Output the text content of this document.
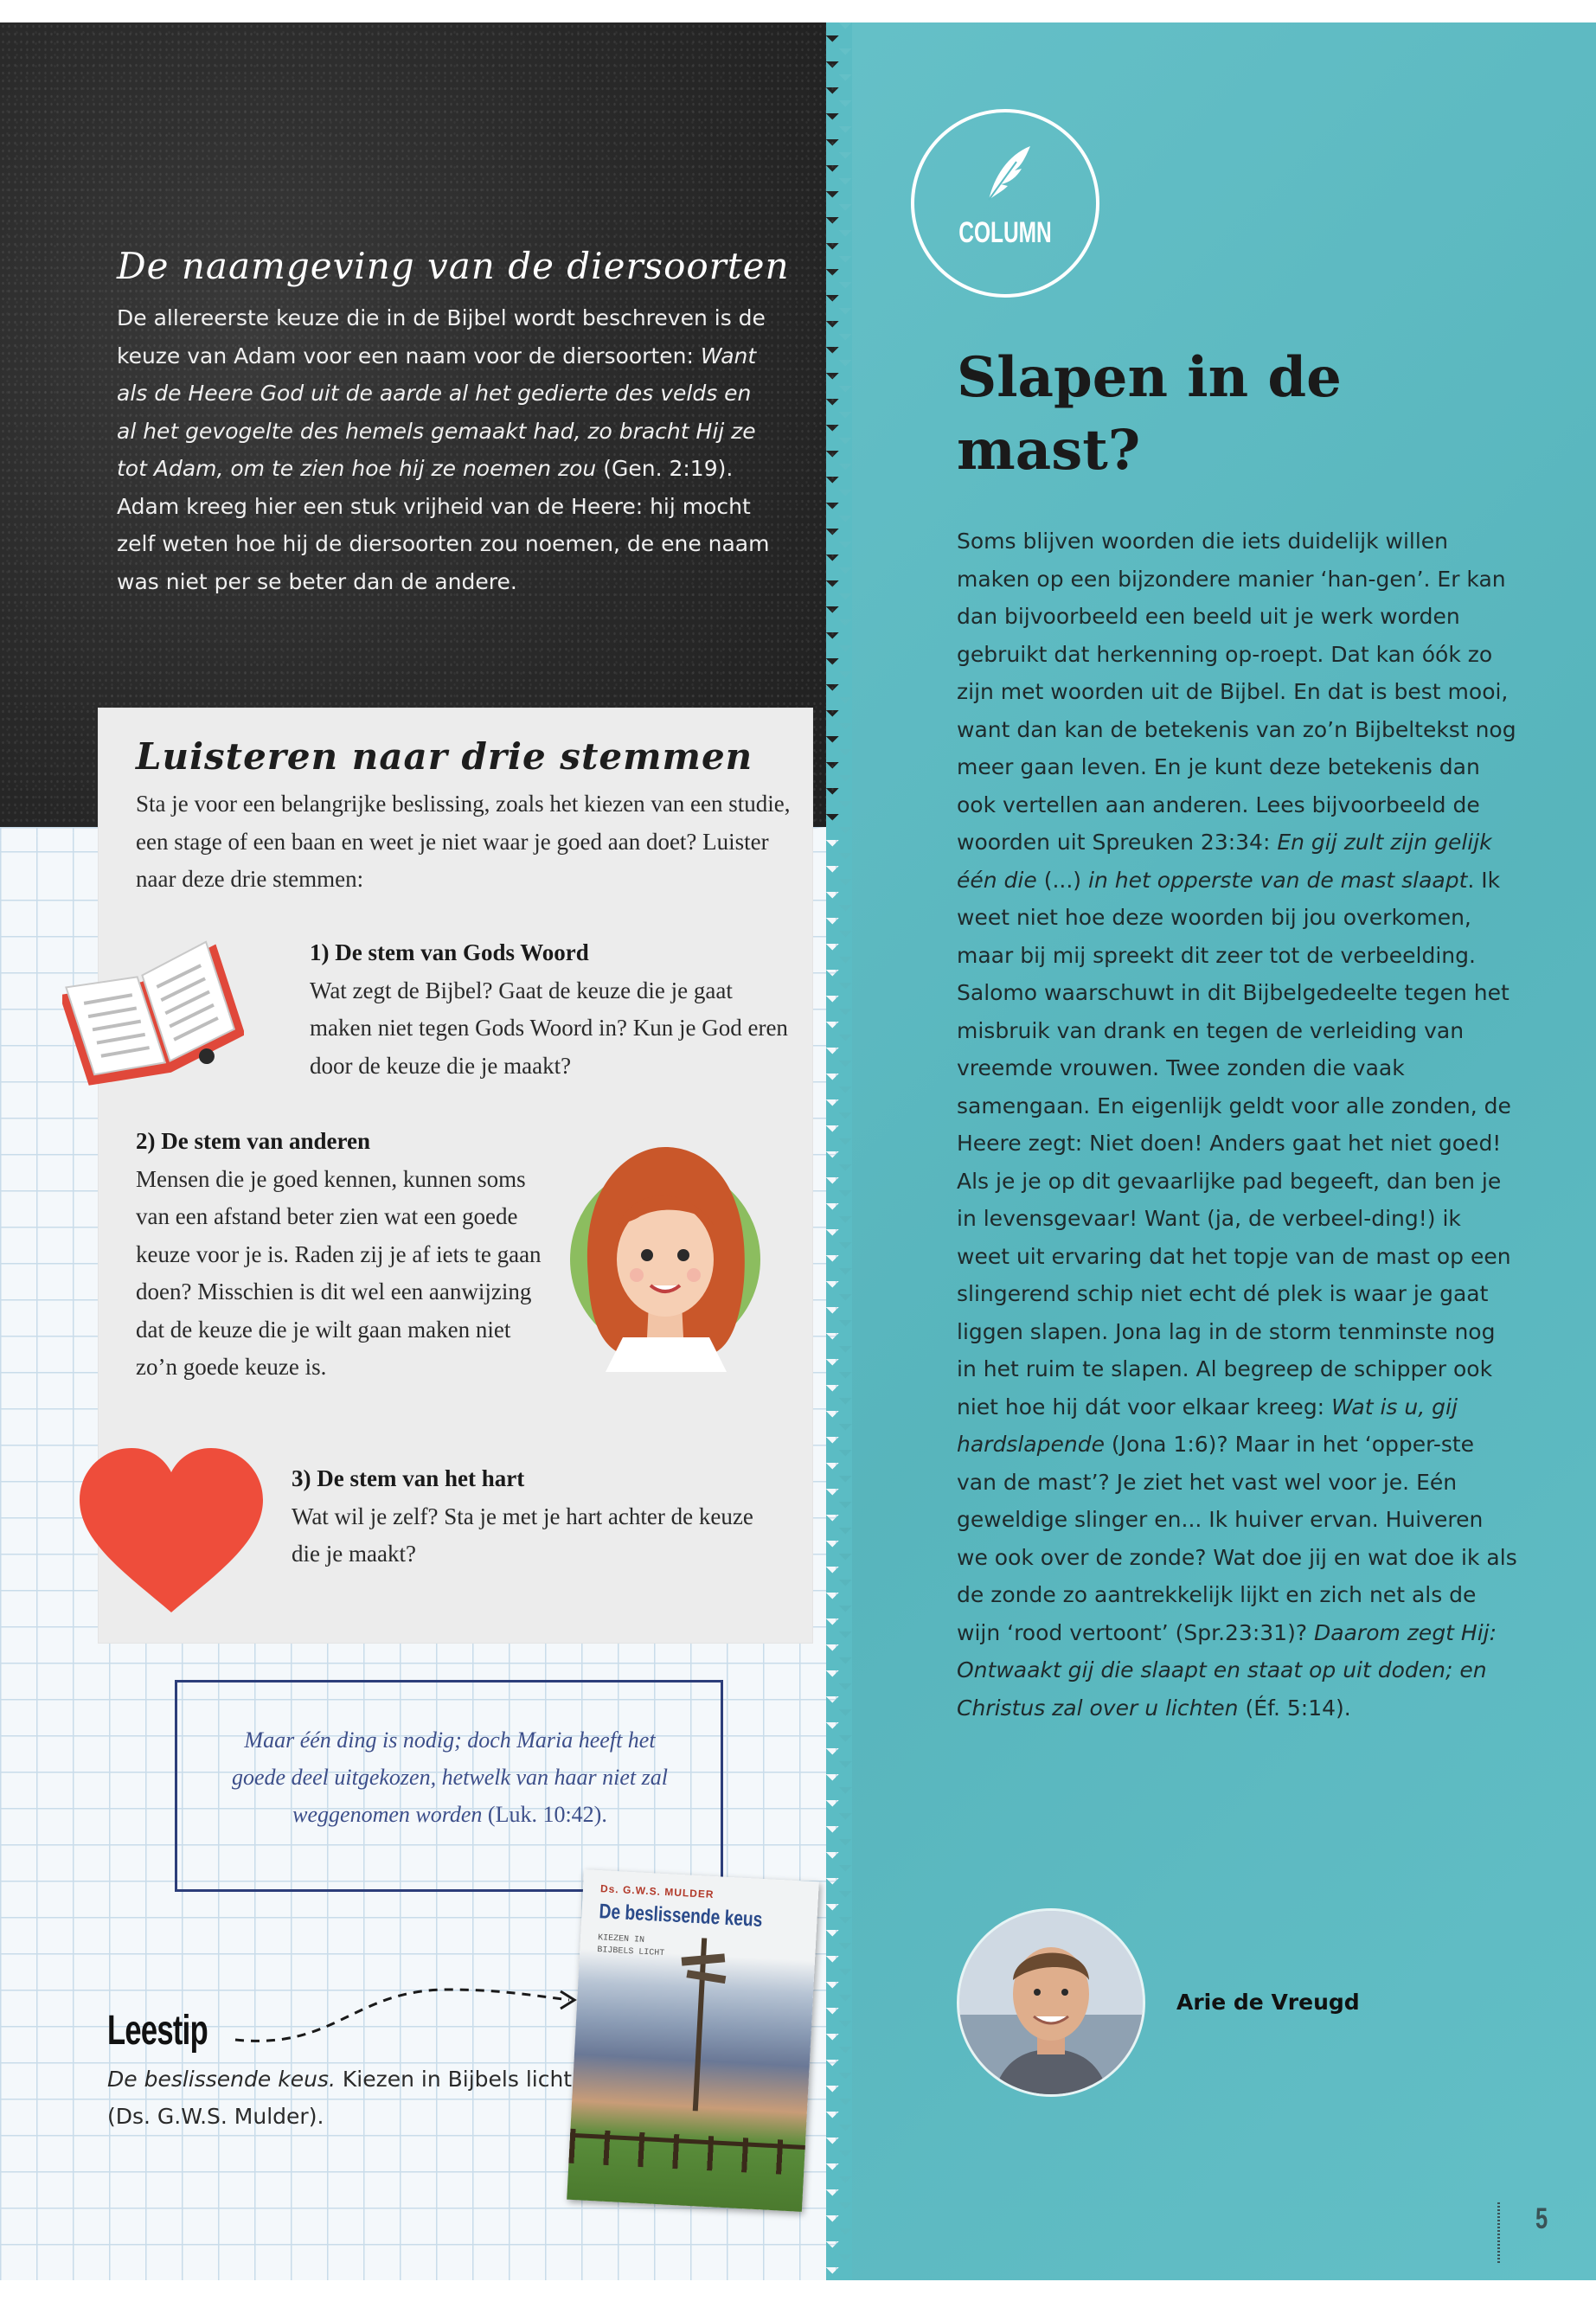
De naamgeving van de diersoorten
De allereerste keuze die in de Bijbel wordt beschreven is de keuze van Adam voor een naam voor de diersoorten: Want als de Heere God uit de aarde al het gedierte des velds en al het gevogelte des hemels gemaakt had, zo bracht Hij ze tot Adam, om te zien hoe hij ze noemen zou (Gen. 2:19). Adam kreeg hier een stuk vrijheid van de Heere: hij mocht zelf weten hoe hij de diersoorten zou noemen, de ene naam was niet per se beter dan de andere.
Luisteren naar drie stemmen
Sta je voor een belangrijke beslissing, zoals het kiezen van een studie, een stage of een baan en weet je niet waar je goed aan doet? Luister naar deze drie stemmen:
1) De stem van Gods Woord
Wat zegt de Bijbel? Gaat de keuze die je gaat maken niet tegen Gods Woord in? Kun je God eren door de keuze die je maakt?
2) De stem van anderen
Mensen die je goed kennen, kunnen soms van een afstand beter zien wat een goede keuze voor je is. Raden zij je af iets te gaan doen? Misschien is dit wel een aanwijzing dat de keuze die je wilt gaan maken niet zo’n goede keuze is.
3) De stem van het hart
Wat wil je zelf? Sta je met je hart achter de keuze die je maakt?
Maar één ding is nodig; doch Maria heeft het goede deel uitgekozen, hetwelk van haar niet zal weggenomen worden (Luk. 10:42).
Leestip
De beslissende keus. Kiezen in Bijbels licht (Ds. G.W.S. Mulder).
Ds. G.W.S. MULDER
De beslissende keus
KIEZEN IN BIJBELS LICHT
COLUMN
Slapen in de mast?
Soms blijven woorden die iets duidelijk willen maken op een bijzondere manier ‘han-gen’. Er kan dan bijvoorbeeld een beeld uit je werk worden gebruikt dat herkenning op-roept. Dat kan óók zo zijn met woorden uit de Bijbel. En dat is best mooi, want dan kan de betekenis van zo’n Bijbeltekst nog meer gaan leven. En je kunt deze betekenis dan ook vertellen aan anderen. Lees bijvoorbeeld de woorden uit Spreuken 23:34: En gij zult zijn gelijk één die (...) in het opperste van de mast slaapt. Ik weet niet hoe deze woorden bij jou overkomen, maar bij mij spreekt dit zeer tot de verbeelding. Salomo waarschuwt in dit Bijbelgedeelte tegen het misbruik van drank en tegen de verleiding van vreemde vrouwen. Twee zonden die vaak samengaan. En eigenlijk geldt voor alle zonden, de Heere zegt: Niet doen! Anders gaat het niet goed! Als je je op dit gevaarlijke pad begeeft, dan ben je in levensgevaar! Want (ja, de verbeel-ding!) ik weet uit ervaring dat het topje van de mast op een slingerend schip niet echt dé plek is waar je gaat liggen slapen. Jona lag in de storm tenminste nog in het ruim te slapen. Al begreep de schipper ook niet hoe hij dát voor elkaar kreeg: Wat is u, gij hardslapende (Jona 1:6)? Maar in het ‘opper-ste van de mast’? Je ziet het vast wel voor je. Eén geweldige slinger en... Ik huiver ervan. Huiveren we ook over de zonde? Wat doe jij en wat doe ik als de zonde zo aantrekkelijk lijkt en zich net als de wijn ‘rood vertoont’ (Spr.23:31)? Daarom zegt Hij: Ontwaakt gij die slaapt en staat op uit doden; en Christus zal over u lichten (Éf. 5:14).
Arie de Vreugd
5
